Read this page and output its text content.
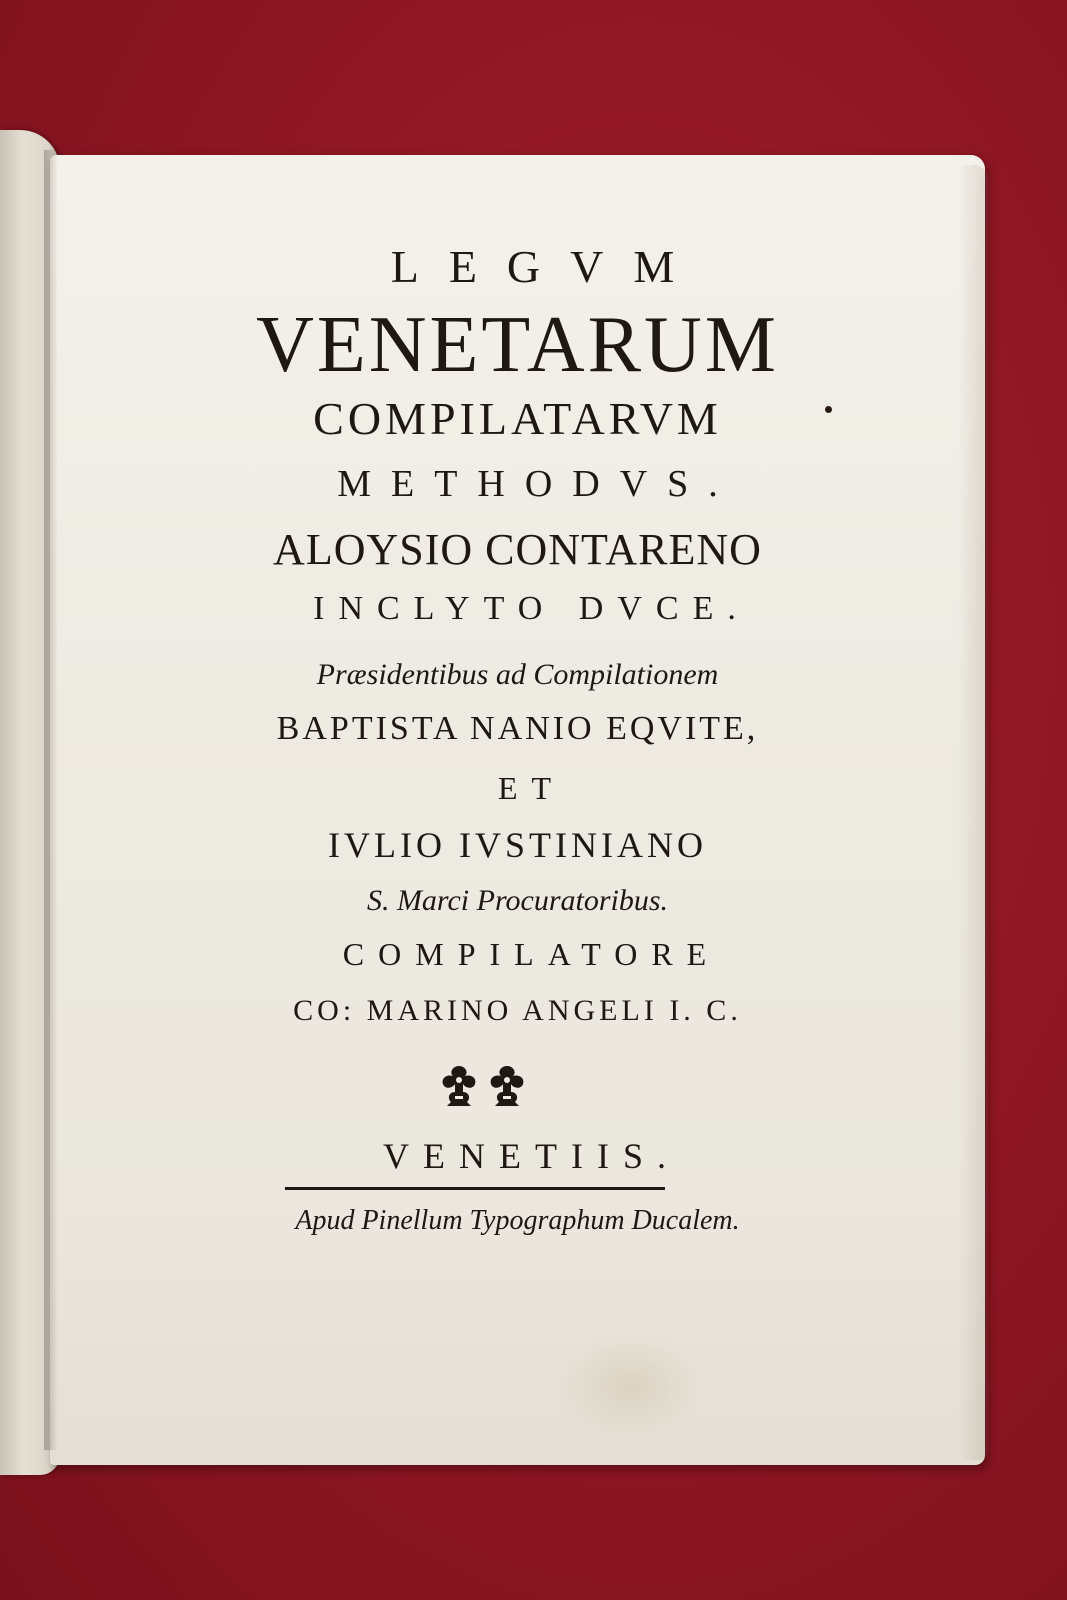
LEGVM
VENETARUM
COMPILATARVM
METHODVS.
ALOYSIO CONTARENO
INCLYTO DVCE.
Præsidentibus ad Compilationem
BAPTISTA NANIO EQVITE,
ET
IVLIO IVSTINIANO
S. Marci Procuratoribus.
COMPILATORE
CO: MARINO ANGELI I. C.
VENETIIS.
Apud Pinellum Typographum Ducalem.
